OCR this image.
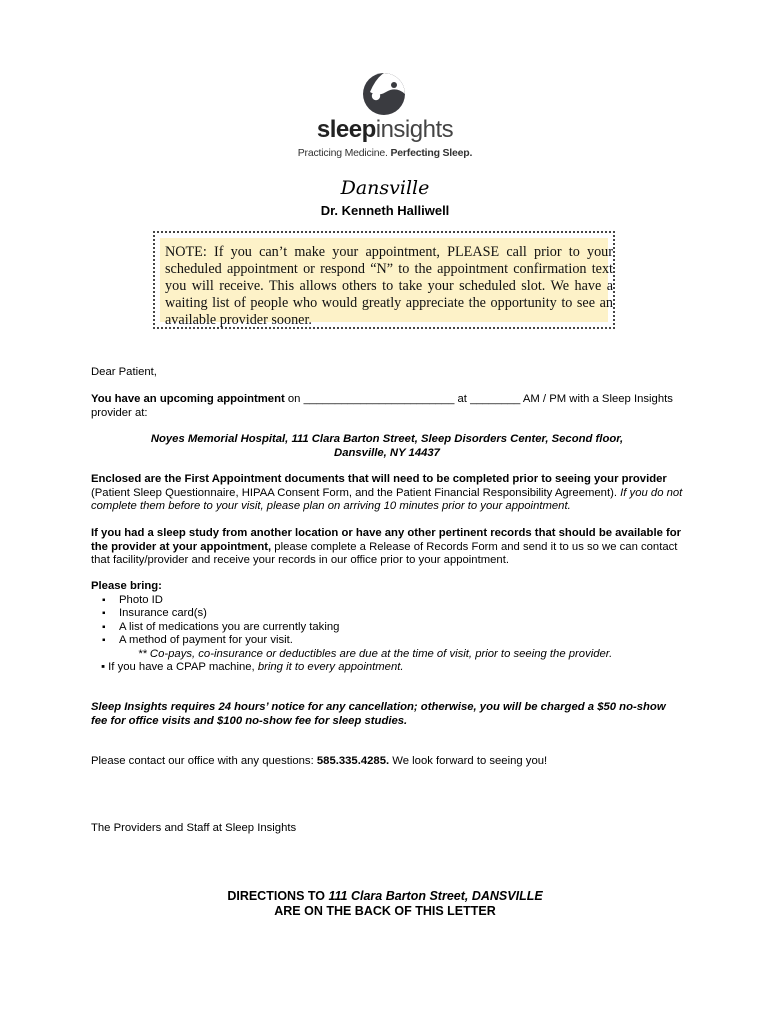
sleepinsights
Practicing Medicine. Perfecting Sleep.
Dansville
Dr. Kenneth Halliwell
NOTE: If you can’t make your appointment, PLEASE call prior to your scheduled appointment or respond “N” to the appointment confirmation text you will receive. This allows others to take your scheduled slot. We have a waiting list of people who would greatly appreciate the opportunity to see an available provider sooner.
Dear Patient,
You have an upcoming appointment on ________________________ at ________ AM / PM with a Sleep Insights provider at:
Noyes Memorial Hospital, 111 Clara Barton Street, Sleep Disorders Center, Second floor,
Dansville, NY 14437
Enclosed are the First Appointment documents that will need to be completed prior to seeing your provider (Patient Sleep Questionnaire, HIPAA Consent Form, and the Patient Financial Responsibility Agreement). If you do not complete them before to your visit, please plan on arriving 10 minutes prior to your appointment.
If you had a sleep study from another location or have any other pertinent records that should be available for the provider at your appointment, please complete a Release of Records Form and send it to us so we can contact that facility/provider and receive your records in our office prior to your appointment.
Please bring:
▪ Photo ID
▪ Insurance card(s)
▪ A list of medications you are currently taking
▪ A method of payment for your visit.
** Co-pays, co-insurance or deductibles are due at the time of visit, prior to seeing the provider.
▪ If you have a CPAP machine, bring it to every appointment.
Sleep Insights requires 24 hours’ notice for any cancellation; otherwise, you will be charged a $50 no-show fee for office visits and $100 no-show fee for sleep studies.
Please contact our office with any questions: 585.335.4285. We look forward to seeing you!
The Providers and Staff at Sleep Insights
DIRECTIONS TO 111 Clara Barton Street, DANSVILLE
ARE ON THE BACK OF THIS LETTER
